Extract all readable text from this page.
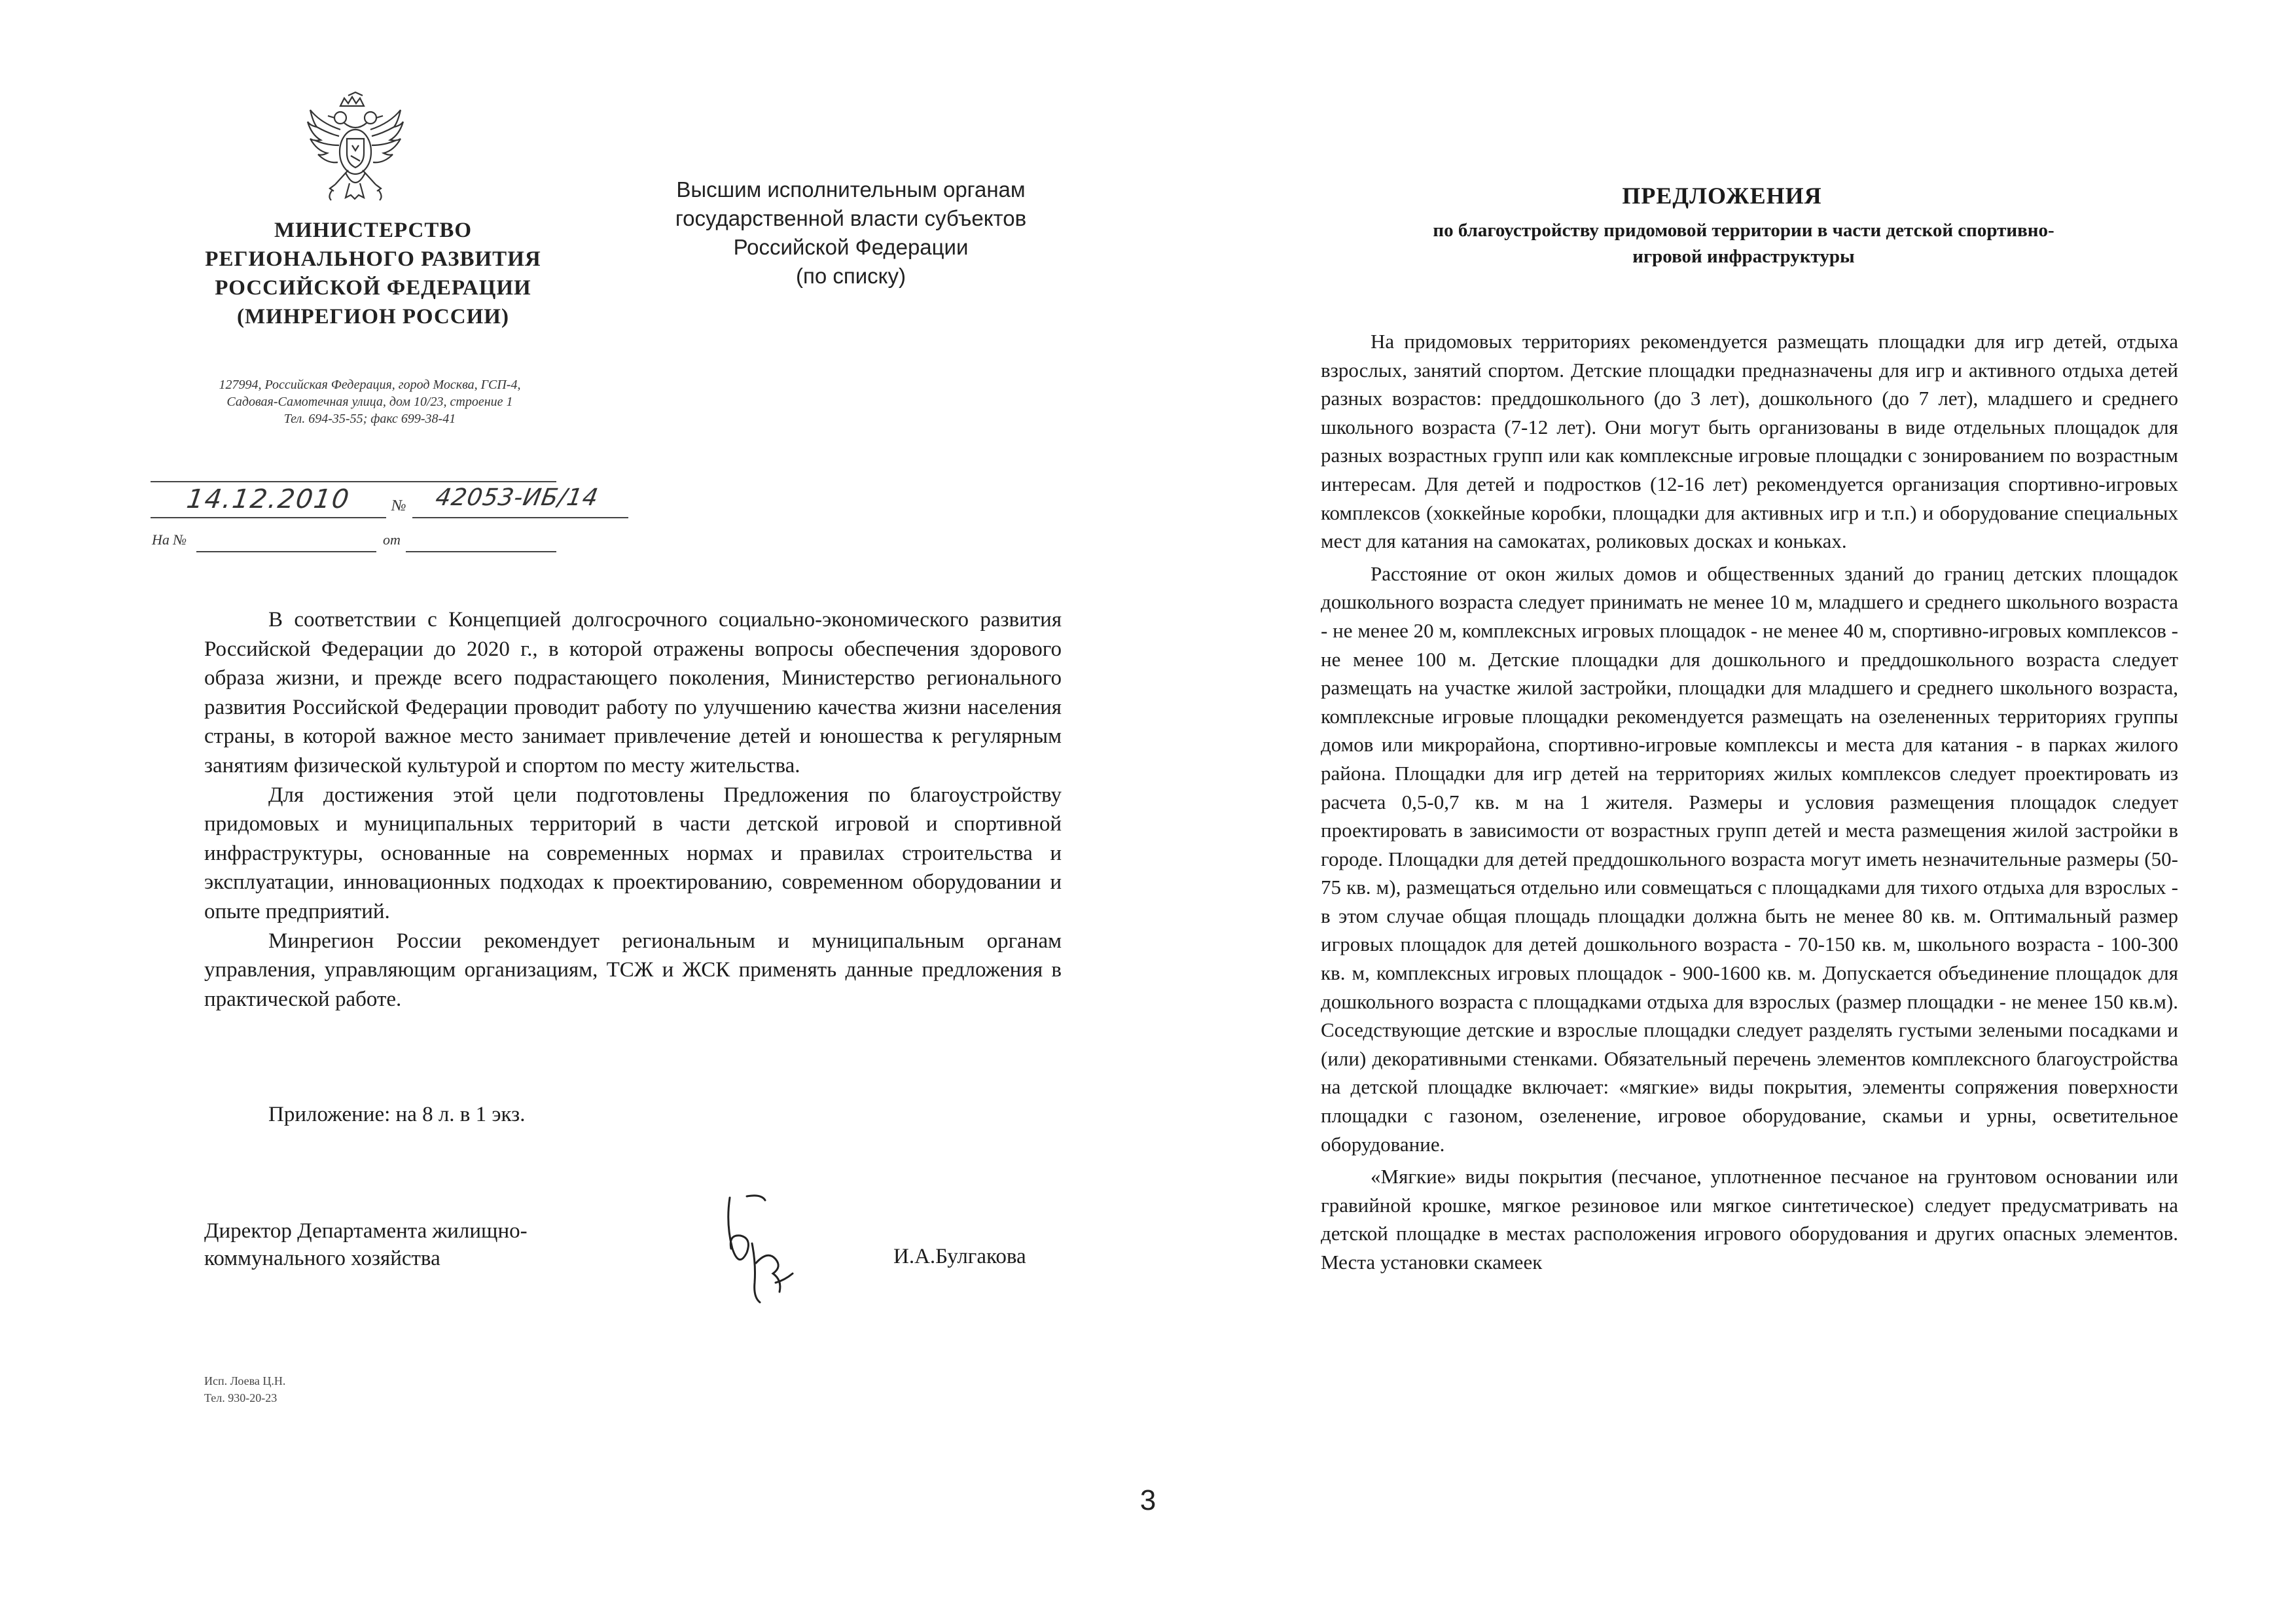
МИНИСТЕРСТВО
РЕГИОНАЛЬНОГО РАЗВИТИЯ
РОССИЙСКОЙ ФЕДЕРАЦИИ
(МИНРЕГИОН РОССИИ)
127994, Российская Федерация, город Москва, ГСП-4,
Садовая-Самотечная улица, дом 10/23, строение 1
Тел. 694-35-55; факс 699-38-41
14.12.2010	№	42053-ИБ/14
На №	от
Высшим исполнительным органам
государственной власти субъектов
Российской Федерации
(по списку)

В соответствии с Концепцией долгосрочного социально-экономического развития Российской Федерации до 2020 г., в которой отражены вопросы обеспечения здорового образа жизни, и прежде всего подрастающего поколения, Министерство регионального развития Российской Федерации проводит работу по улучшению качества жизни населения страны, в которой важное место занимает привлечение детей и юношества к регулярным занятиям физической культурой и спортом по месту жительства.

Для достижения этой цели подготовлены Предложения по благоустройству придомовых и муниципальных территорий в части детской игровой и спортивной инфраструктуры, основанные на современных нормах и правилах строительства и эксплуатации, инновационных подходах к проектированию, современном оборудовании и опыте предприятий.

Минрегион России рекомендует региональным и муниципальным органам управления, управляющим организациям, ТСЖ и ЖСК применять данные предложения в практической работе.

Приложение: на 8 л. в 1 экз.
Директор Департамента жилищно-
коммунального хозяйства	И.А.Булгакова
Исп. Лоева Ц.Н.
Тел. 930-20-23
ПРЕДЛОЖЕНИЯ
по благоустройству придомовой территории в части детской спортивно-
игровой инфраструктуры

На придомовых территориях рекомендуется размещать площадки для игр детей, отдыха взрослых, занятий спортом. Детские площадки предназначены для игр и активного отдыха детей разных возрастов: преддошкольного (до 3 лет), дошкольного (до 7 лет), младшего и среднего школьного возраста (7-12 лет). Они могут быть организованы в виде отдельных площадок для разных возрастных групп или как комплексные игровые площадки с зонированием по возрастным интересам. Для детей и подростков (12-16 лет) рекомендуется организация спортивно-игровых комплексов (хоккейные коробки, площадки для активных игр и т.п.) и оборудование специальных мест для катания на самокатах, роликовых досках и коньках.

Расстояние от окон жилых домов и общественных зданий до границ детских площадок дошкольного возраста следует принимать не менее 10 м, младшего и среднего школьного возраста - не менее 20 м, комплексных игровых площадок - не менее 40 м, спортивно-игровых комплексов - не менее 100 м. Детские площадки для дошкольного и преддошкольного возраста следует размещать на участке жилой застройки, площадки для младшего и среднего школьного возраста, комплексные игровые площадки рекомендуется размещать на озелененных территориях группы домов или микрорайона, спортивно-игровые комплексы и места для катания - в парках жилого района. Площадки для игр детей на территориях жилых комплексов следует проектировать из расчета 0,5-0,7 кв. м на 1 жителя. Размеры и условия размещения площадок следует проектировать в зависимости от возрастных групп детей и места размещения жилой застройки в городе. Площадки для детей преддошкольного возраста могут иметь незначительные размеры (50-75 кв. м), размещаться отдельно или совмещаться с площадками для тихого отдыха для взрослых - в этом случае общая площадь площадки должна быть не менее 80 кв. м. Оптимальный размер игровых площадок для детей дошкольного возраста - 70-150 кв. м, школьного возраста - 100-300 кв. м, комплексных игровых площадок - 900-1600 кв. м. Допускается объединение площадок для дошкольного возраста с площадками отдыха для взрослых (размер площадки - не менее 150 кв.м). Соседствующие детские и взрослые площадки следует разделять густыми зелеными посадками и (или) декоративными стенками. Обязательный перечень элементов комплексного благоустройства на детской площадке включает: «мягкие» виды покрытия, элементы сопряжения поверхности площадки с газоном, озеленение, игровое оборудование, скамьи и урны, осветительное оборудование.

«Мягкие» виды покрытия (песчаное, уплотненное песчаное на грунтовом основании или гравийной крошке, мягкое резиновое или мягкое синтетическое) следует предусматривать на детской площадке в местах расположения игрового оборудования и других опасных элементов. Места установки скамеек

3
